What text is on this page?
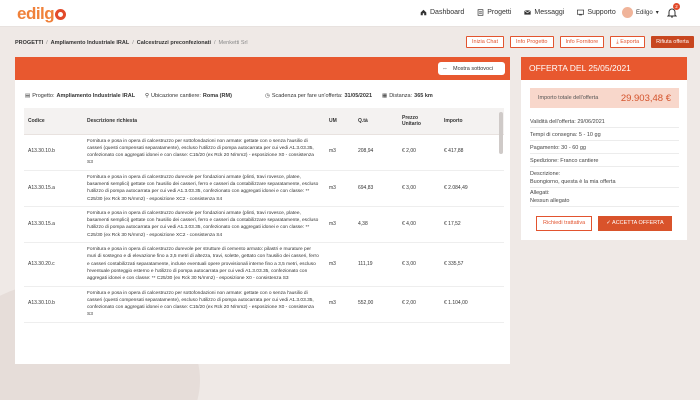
edilg	Dashboard	Progetti	Messaggi	Supporto	Edilgo ▾
2
PROGETTI / Ampliamento Industriale IRAL / Calcestruzzi preconfezionati / Menketti Srl	Inizia Chat	Info Progetto	Info Fornitore	⤓ Esporta	Rifiuta offerta
⇔ Mostra sottovoci
▤ Progetto: Ampliamento Industriale IRAL ⚲ Ubicazione cantiere: Roma (RM)	◷ Scadenza per fare un'offerta: 31/05/2021 ▦ Distanza: 365 km
Codice	Descrizione richiesta	UM	Q.tà	Prezzo Unitario	Importo
A13.30.10.b	Fornitura e posa in opera di calcestruzzo per sottofondazioni non armate: gettate con o senza l'ausilio di casseri (questi compensati separatamente), escluso l'utilizzo di pompa autocarrata per cui vedi A1.3.03.35, confezionato con aggregati idonei e con classe: C15/20 (ex Rck 20 N/mm2) - esposizione X0 - consistenza S3	m3	208,94	€ 2,00	€ 417,88
A13.30.15.a	Fornitura e posa in opera di calcestruzzo durevole per fondazioni armate (plinti, travi rovesce, platee, basamenti semplici) gettate con l'ausilio dei casseri, ferro e casseri da contabilizzare separatamente, escluso l'utilizzo di pompa autocarrata per cui vedi A1.3.03.35, confezionato con aggregati idonei e con classe: ** C25/30 (ex Rck 30 N/mm2) - esposizione XC2 - consistenza S4	m3	694,83	€ 3,00	€ 2.084,49
A13.30.15.a	Fornitura e posa in opera di calcestruzzo durevole per fondazioni armate (plinti, travi rovesce, platee, basamenti semplici) gettate con l'ausilio dei casseri, ferro e casseri da contabilizzare separatamente, escluso l'utilizzo di pompa autocarrata per cui vedi A1.3.03.35, confezionato con aggregati idonei e con classe: ** C25/30 (ex Rck 30 N/mm2) - esposizione XC2 - consistenza S4	m3	4,38	€ 4,00	€ 17,52
A13.30.20.c	Fornitura e posa in opera di calcestruzzo durevole per strutture di cemento armato: pilastri e murature per muri di sostegno e di elevazione fino a 3,5 metri di altezza, travi, solette, gettato con l'ausilio dei casseri, ferro e casseri contabilizzati separatamente, incluse eventuali opere provvisionali interne fino a 3,5 metri, escluso l'eventuale ponteggio esterno e l'utilizzo di pompa autocarrata per cui vedi A1.3.03.35, confezionato con aggregati idonei e con classe: ** C25/30 (ex Rck 30 N/mm2) - esposizione X0 - consistenza S3	m3	111,19	€ 3,00	€ 335,57
A13.30.10.b	Fornitura e posa in opera di calcestruzzo per sottofondazioni non armate: gettate con o senza l'ausilio di casseri (questi compensati separatamente), escluso l'utilizzo di pompa autocarrata per cui vedi A1.3.03.35, confezionato con aggregati idonei e con classe: C15/20 (ex Rck 20 N/mm2) - esposizione X0 - consistenza S3	m3	552,00	€ 2,00	€ 1.104,00
OFFERTA DEL 25/05/2021
Importo totale dell'offerta 29.903,48 €
Validità dell'offerta: 29/06/2021
Tempi di consegna: 5 - 10 gg
Pagamento: 30 - 60 gg
Spedizione: Franco cantiere
Descrizione:
Buongiorno, questa è la mia offerta
Allegati:
Nessun allegato
Richiedi trattativa	✓ ACCETTA OFFERTA
